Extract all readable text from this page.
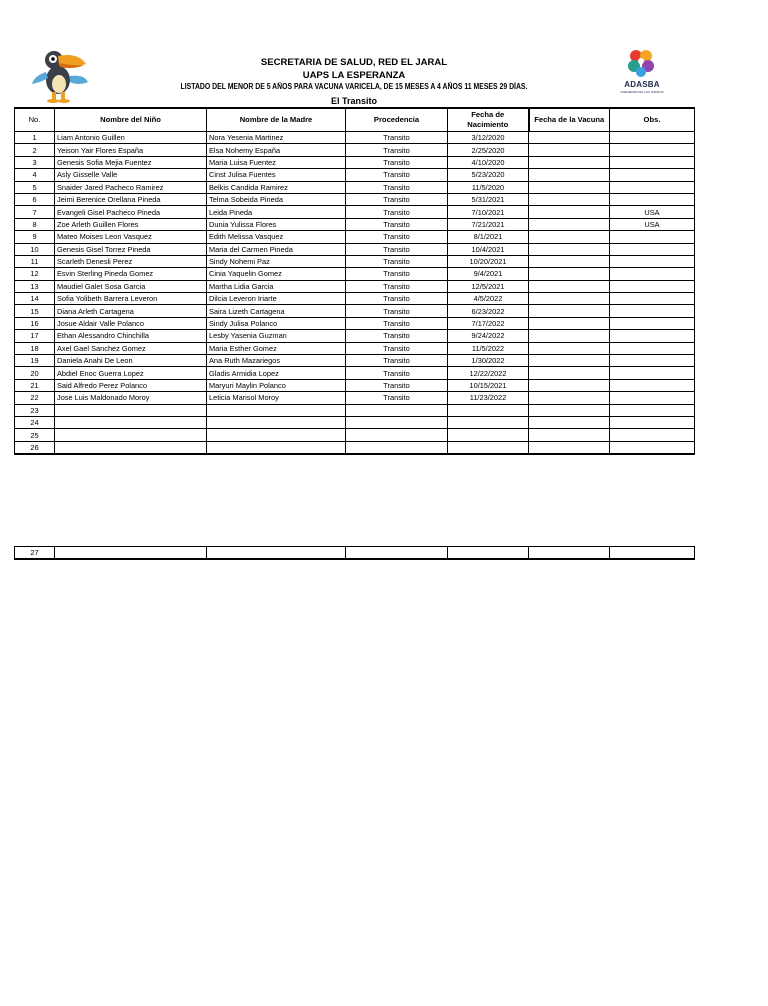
ADASBA
CRECIENDO EN LOS SUEÑOS
SECRETARIA DE SALUD, RED EL JARAL
UAPS LA ESPERANZA
LISTADO DEL MENOR DE 5 AÑOS PARA VACUNA VARICELA, DE 15 MESES A 4 AÑOS 11 MESES 29 DÍAS.
El Transito
No.	Nombre del Niño	Nombre de la Madre	Procedencia	Fecha de Nacimiento	Fecha de la Vacuna	Obs.
1	Liam Antonio Guillen	Nora Yesenia Martinez	Transito	3/12/2020		
2	Yeison Yair Flores España	Elsa Nohemy España	Transito	2/25/2020		
3	Genesis Sofia Mejia Fuentez	Maria Luisa Fuentez	Transito	4/10/2020		
4	Asly Gisselle Valle	Cinst Julisa Fuentes	Transito	5/23/2020		
5	Snaider Jared Pacheco Ramirez	Belkis Candida Ramirez	Transito	11/5/2020		
6	Jeimi Berenice Orellana Pineda	Telma Sobeida Pineda	Transito	5/31/2021		
7	Evangeli Gisel Pacheco Pineda	Leida Pineda	Transito	7/10/2021		USA
8	Zoe Arleth Guillen Flores	Dunia Yulissa Flores	Transito	7/21/2021		USA
9	Mateo Moises Leon Vasquez	Edith Melissa Vasquez	Transito	8/1/2021		
10	Genesis Gisel Torrez Pineda	Maria del Carmen Pineda	Transito	10/4/2021		
11	Scarleth Denesli Perez	Sindy Nohemi Paz	Transito	10/20/2021		
12	Esvin Sterling Pineda Gomez	Cinia Yaquelin Gomez	Transito	9/4/2021		
13	Maudiel Galet Sosa Garcia	Martha Lidia Garcia	Transito	12/5/2021		
14	Sofia Yolibeth Barrera Leveron	Dilcia Leveron Iriarte	Transito	4/5/2022		
15	Diana Arleth Cartagena	Saira Lizeth Cartagena	Transito	6/23/2022		
16	Josue Aldair Valle Polanco	Sindy Julisa Polanco	Transito	7/17/2022		
17	Ethan Alessandro Chinchilla	Lesby Yasenia Guzman	Transito	9/24/2022		
18	Axel Gael Sanchez Gomez	Maria Esther Gomez	Transito	11/5/2022		
19	Daniela Anahi De Leon	Ana Ruth Mazariegos	Transito	1/30/2022		
20	Abdiel Enoc Guerra Lopez	Gladis Armidia Lopez	Transito	12/22/2022		
21	Said Alfredo Perez Polanco	Maryuri Maylin Polanco	Transito	10/15/2021		
22	Jose Luis Maldonado Moroy	Leticia Marisol Moroy	Transito	11/23/2022		
23						
24						
25						
26						
27						
